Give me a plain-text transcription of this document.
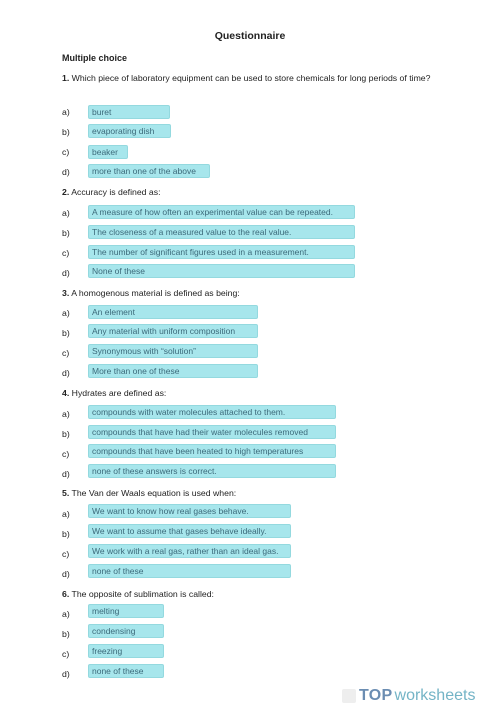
Questionnaire
Multiple choice
1. Which piece of laboratory equipment can be used to store chemicals for long periods of time?
a)	buret
b)	evaporating dish
c)	beaker
d)	more than one of the above
2. Accuracy is defined as:
a)	A measure of how often an experimental value can be repeated.
b)	The closeness of a measured value to the real value.
c)	The number of significant figures used in a measurement.
d)	None of these
3. A homogenous material is defined as being:
a)	An element
b)	Any material with uniform composition
c)	Synonymous with “solution”
d)	More than one of these
4. Hydrates are defined as:
a)	compounds with water molecules attached to them.
b)	compounds that have had their water molecules removed
c)	compounds that have been heated to high temperatures
d)	none of these answers is correct.
5. The Van der Waals equation is used when:
a)	We want to know how real gases behave.
b)	We want to assume that gases behave ideally.
c)	We work with a real gas, rather than an ideal gas.
d)	none of these
6. The opposite of sublimation is called:
a)	melting
b)	condensing
c)	freezing
d)	none of these
TOP worksheets
